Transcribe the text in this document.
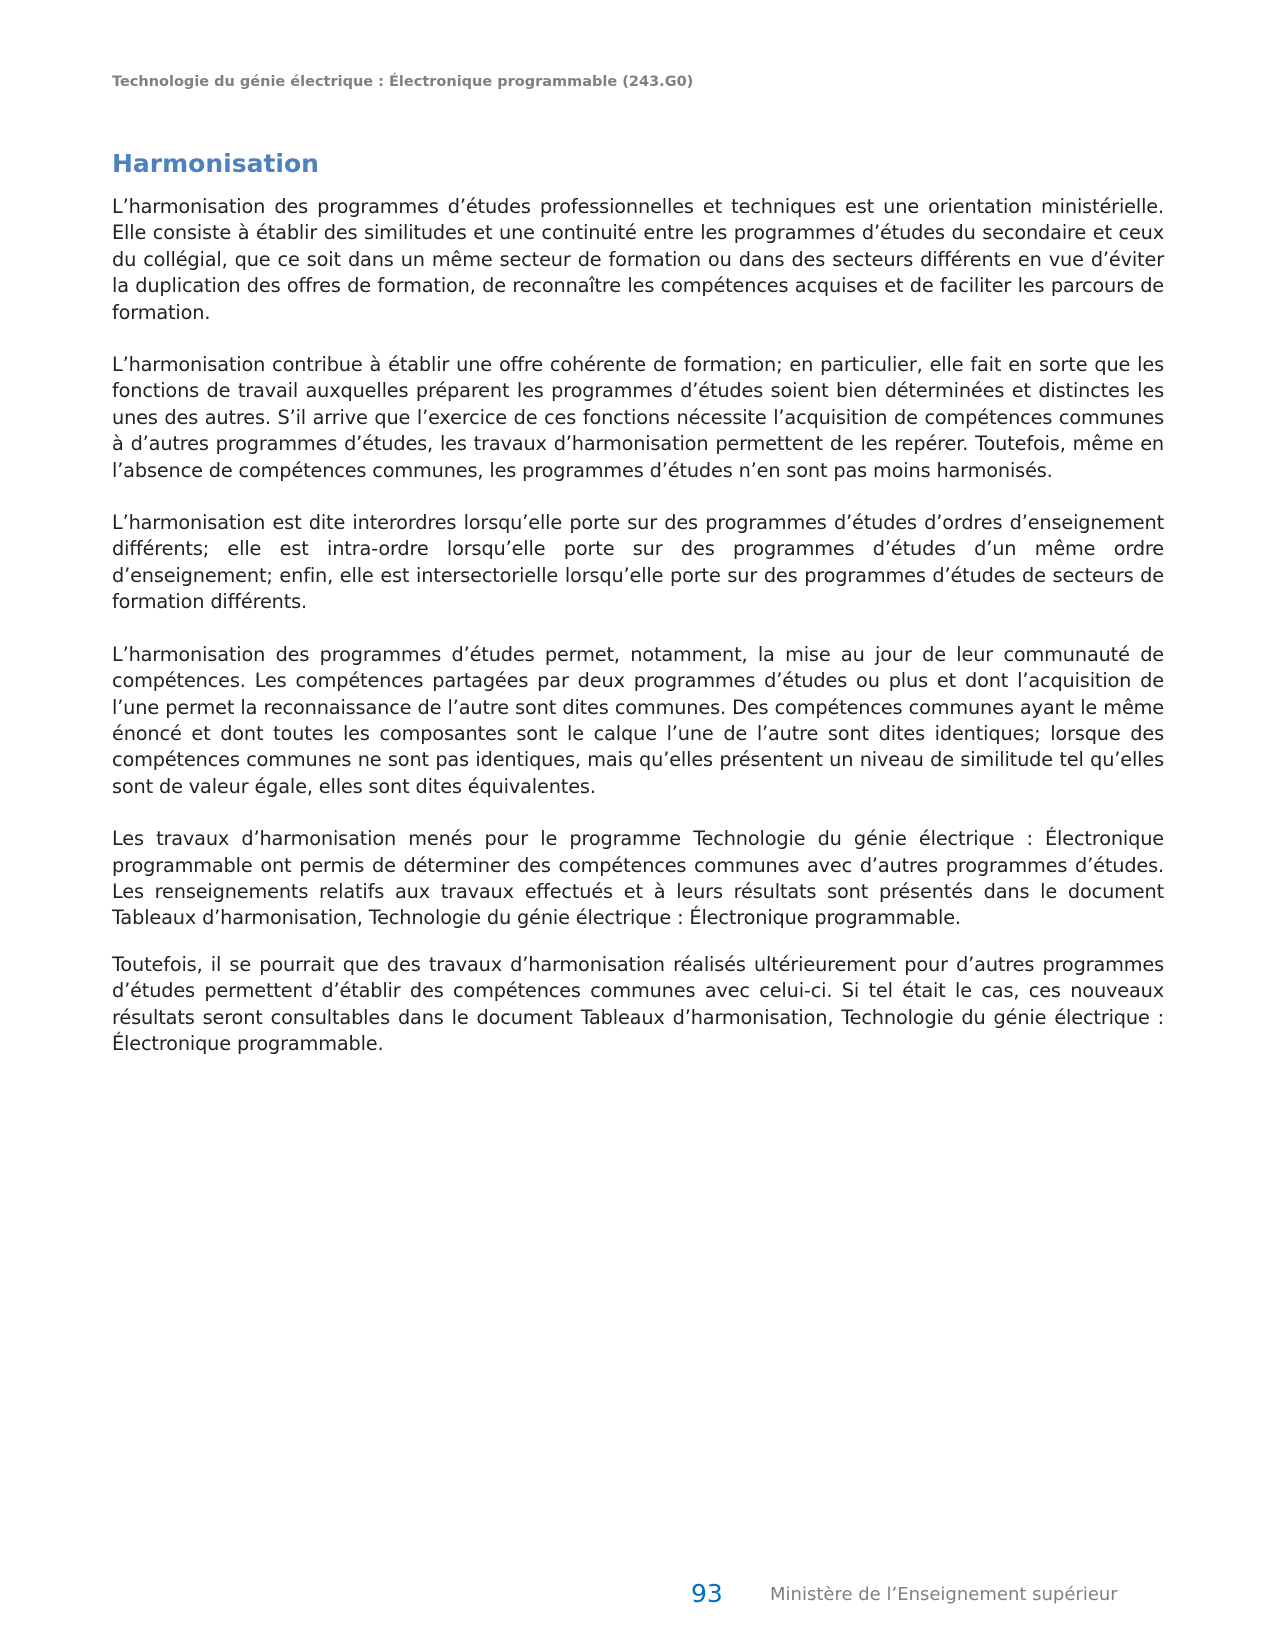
Technologie du génie électrique : Électronique programmable (243.G0)
Harmonisation

L’harmonisation des programmes d’études professionnelles et techniques est une orientation ministérielle. Elle consiste à établir des similitudes et une continuité entre les programmes d’études du secondaire et ceux du collégial, que ce soit dans un même secteur de formation ou dans des secteurs différents en vue d’éviter la duplication des offres de formation, de reconnaître les compétences acquises et de faciliter les parcours de formation.

L’harmonisation contribue à établir une offre cohérente de formation; en particulier, elle fait en sorte que les fonctions de travail auxquelles préparent les programmes d’études soient bien déterminées et distinctes les unes des autres. S’il arrive que l’exercice de ces fonctions nécessite l’acquisition de compétences communes à d’autres programmes d’études, les travaux d’harmonisation permettent de les repérer. Toutefois, même en l’absence de compétences communes, les programmes d’études n’en sont pas moins harmonisés.

L’harmonisation est dite interordres lorsqu’elle porte sur des programmes d’études d’ordres d’enseignement différents; elle est intra-ordre lorsqu’elle porte sur des programmes d’études d’un même ordre d’enseignement; enfin, elle est intersectorielle lorsqu’elle porte sur des programmes d’études de secteurs de formation différents.

L’harmonisation des programmes d’études permet, notamment, la mise au jour de leur communauté de compétences. Les compétences partagées par deux programmes d’études ou plus et dont l’acquisition de l’une permet la reconnaissance de l’autre sont dites communes. Des compétences communes ayant le même énoncé et dont toutes les composantes sont le calque l’une de l’autre sont dites identiques; lorsque des compétences communes ne sont pas identiques, mais qu’elles présentent un niveau de similitude tel qu’elles sont de valeur égale, elles sont dites équivalentes.

Les travaux d’harmonisation menés pour le programme Technologie du génie électrique : Électronique programmable ont permis de déterminer des compétences communes avec d’autres programmes d’études. Les renseignements relatifs aux travaux effectués et à leurs résultats sont présentés dans le document Tableaux d’harmonisation, Technologie du génie électrique : Électronique programmable.

Toutefois, il se pourrait que des travaux d’harmonisation réalisés ultérieurement pour d’autres programmes d’études permettent d’établir des compétences communes avec celui-ci. Si tel était le cas, ces nouveaux résultats seront consultables dans le document Tableaux d’harmonisation, Technologie du génie électrique : Électronique programmable.

93	Ministère de l’Enseignement supérieur
